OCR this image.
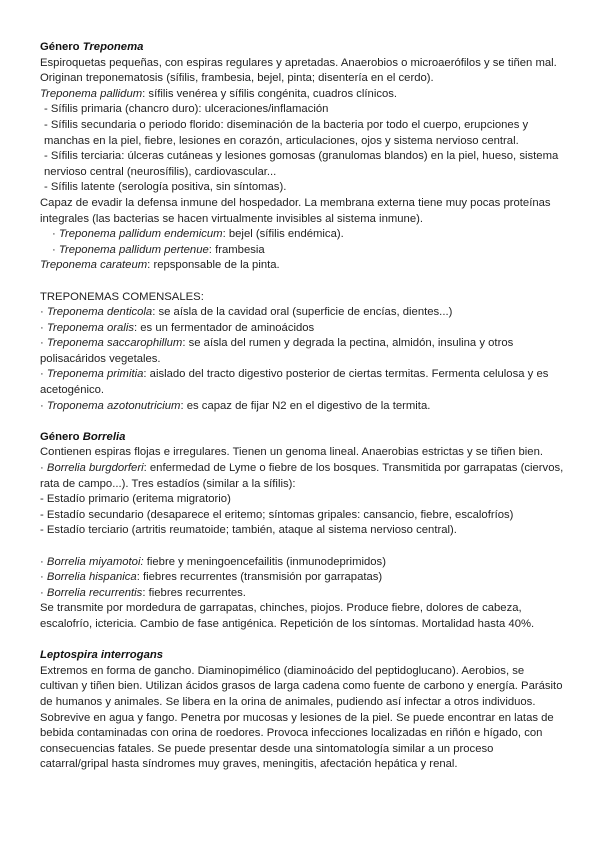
Género Treponema

Espiroquetas pequeñas, con espiras regulares y apretadas. Anaerobios o microaerófilos y se tiñen mal. Originan treponematosis (sífilis, frambesia, bejel, pinta; disentería en el cerdo).

Treponema pallidum: sífilis venérea y sífilis congénita, cuadros clínicos.

- Sífilis primaria (chancro duro): ulceraciones/inflamación

- Sífilis secundaria o periodo florido: diseminación de la bacteria por todo el cuerpo, erupciones y manchas en la piel, fiebre, lesiones en corazón, articulaciones, ojos y sistema nervioso central.

- Sífilis terciaria: úlceras cutáneas y lesiones gomosas (granulomas blandos) en la piel, hueso, sistema nervioso central (neurosífilis), cardiovascular...

- Sífilis latente (serología positiva, sin síntomas).

Capaz de evadir la defensa inmune del hospedador. La membrana externa tiene muy pocas proteínas integrales (las bacterias se hacen virtualmente invisibles al sistema inmune).

· Treponema pallidum endemicum: bejel (sífilis endémica).

· Treponema pallidum pertenue: frambesia

Treponema carateum: repsponsable de la pinta.

TREPONEMAS COMENSALES:

· Treponema denticola: se aísla de la cavidad oral (superficie de encías, dientes...)

· Treponema oralis: es un fermentador de aminoácidos

· Treponema saccarophillum: se aísla del rumen y degrada la pectina, almidón, insulina y otros polisacáridos vegetales.

· Treponema primitia: aislado del tracto digestivo posterior de ciertas termitas. Fermenta celulosa y es acetogénico.

· Troponema azotonutricium: es capaz de fijar N2 en el digestivo de la termita.

Género Borrelia

Contienen espiras flojas e irregulares. Tienen un genoma lineal. Anaerobias estrictas y se tiñen bien.

· Borrelia burgdorferi: enfermedad de Lyme o fiebre de los bosques. Transmitida por garrapatas (ciervos, rata de campo...). Tres estadíos (similar a la sífilis):

- Estadío primario (eritema migratorio)

- Estadío secundario (desaparece el eritemo; síntomas gripales: cansancio, fiebre, escalofríos)

- Estadío terciario (artritis reumatoide; también, ataque al sistema nervioso central).

· Borrelia miyamotoi: fiebre y meningoencefailitis (inmunodeprimidos)

· Borrelia hispanica: fiebres recurrentes (transmisión por garrapatas)

· Borrelia recurrentis: fiebres recurrentes.

Se transmite por mordedura de garrapatas, chinches, piojos. Produce fiebre, dolores de cabeza, escalofrío, ictericia. Cambio de fase antigénica. Repetición de los síntomas. Mortalidad hasta 40%.

Leptospira interrogans

Extremos en forma de gancho. Diaminopimélico (diaminoácido del peptidoglucano). Aerobios, se cultivan y tiñen bien. Utilizan ácidos grasos de larga cadena como fuente de carbono y energía. Parásito de humanos y animales. Se libera en la orina de animales, pudiendo así infectar a otros individuos. Sobrevive en agua y fango. Penetra por mucosas y lesiones de la piel. Se puede encontrar en latas de bebida contaminadas con orina de roedores. Provoca infecciones localizadas en riñón e hígado, con consecuencias fatales. Se puede presentar desde una sintomatología similar a un proceso catarral/gripal hasta síndromes muy graves, meningitis, afectación hepática y renal.
